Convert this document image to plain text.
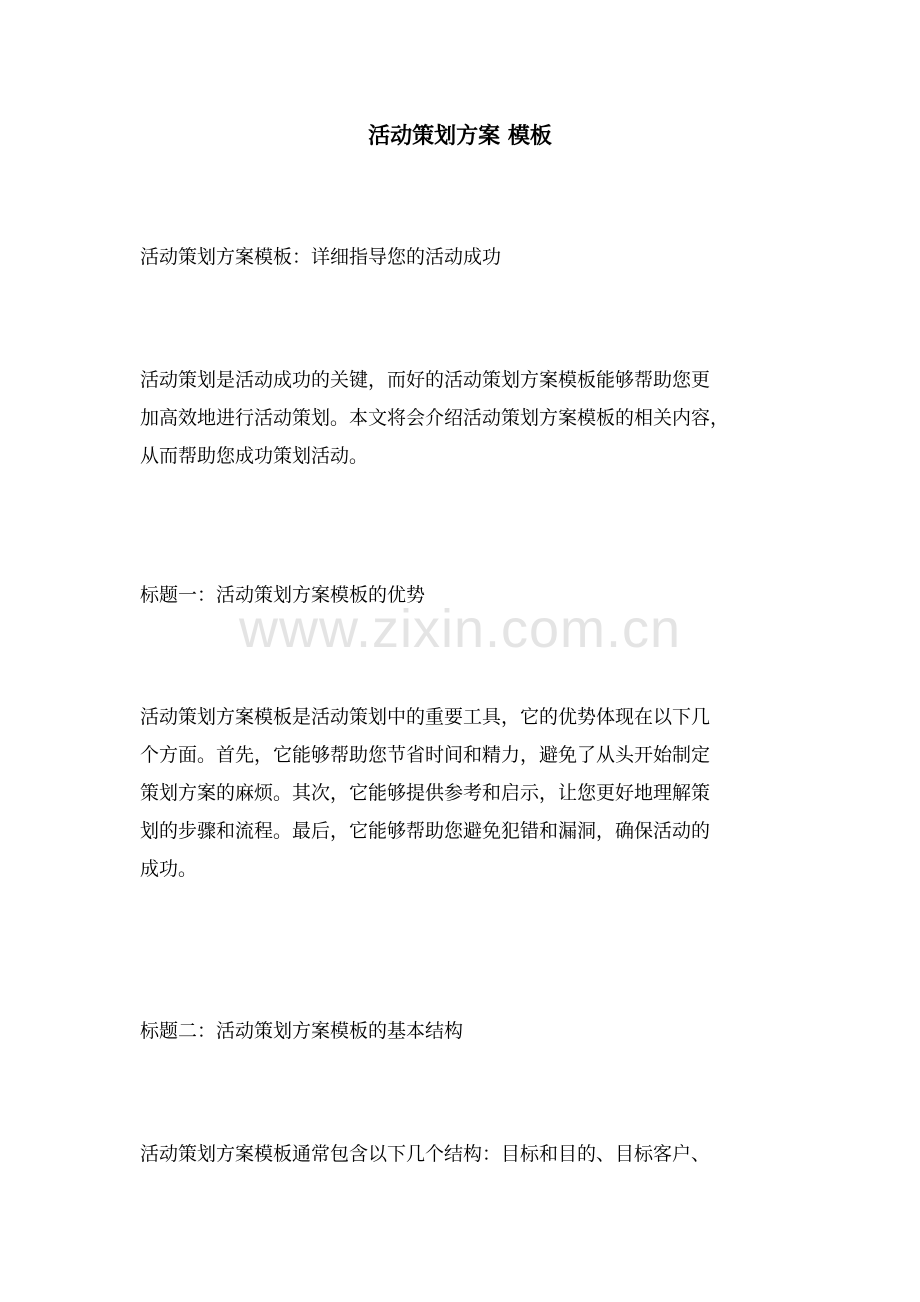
活动策划方案 模板

活动策划方案模板：详细指导您的活动成功

活动策划是活动成功的关键，而好的活动策划方案模板能够帮助您更
加高效地进行活动策划。本文将会介绍活动策划方案模板的相关内容，
从而帮助您成功策划活动。

标题一：活动策划方案模板的优势

www.zixin.com.cn
活动策划方案模板是活动策划中的重要工具，它的优势体现在以下几
个方面。首先，它能够帮助您节省时间和精力，避免了从头开始制定
策划方案的麻烦。其次，它能够提供参考和启示，让您更好地理解策
划的步骤和流程。最后，它能够帮助您避免犯错和漏洞，确保活动的
成功。

标题二：活动策划方案模板的基本结构

活动策划方案模板通常包含以下几个结构：目标和目的、目标客户、
